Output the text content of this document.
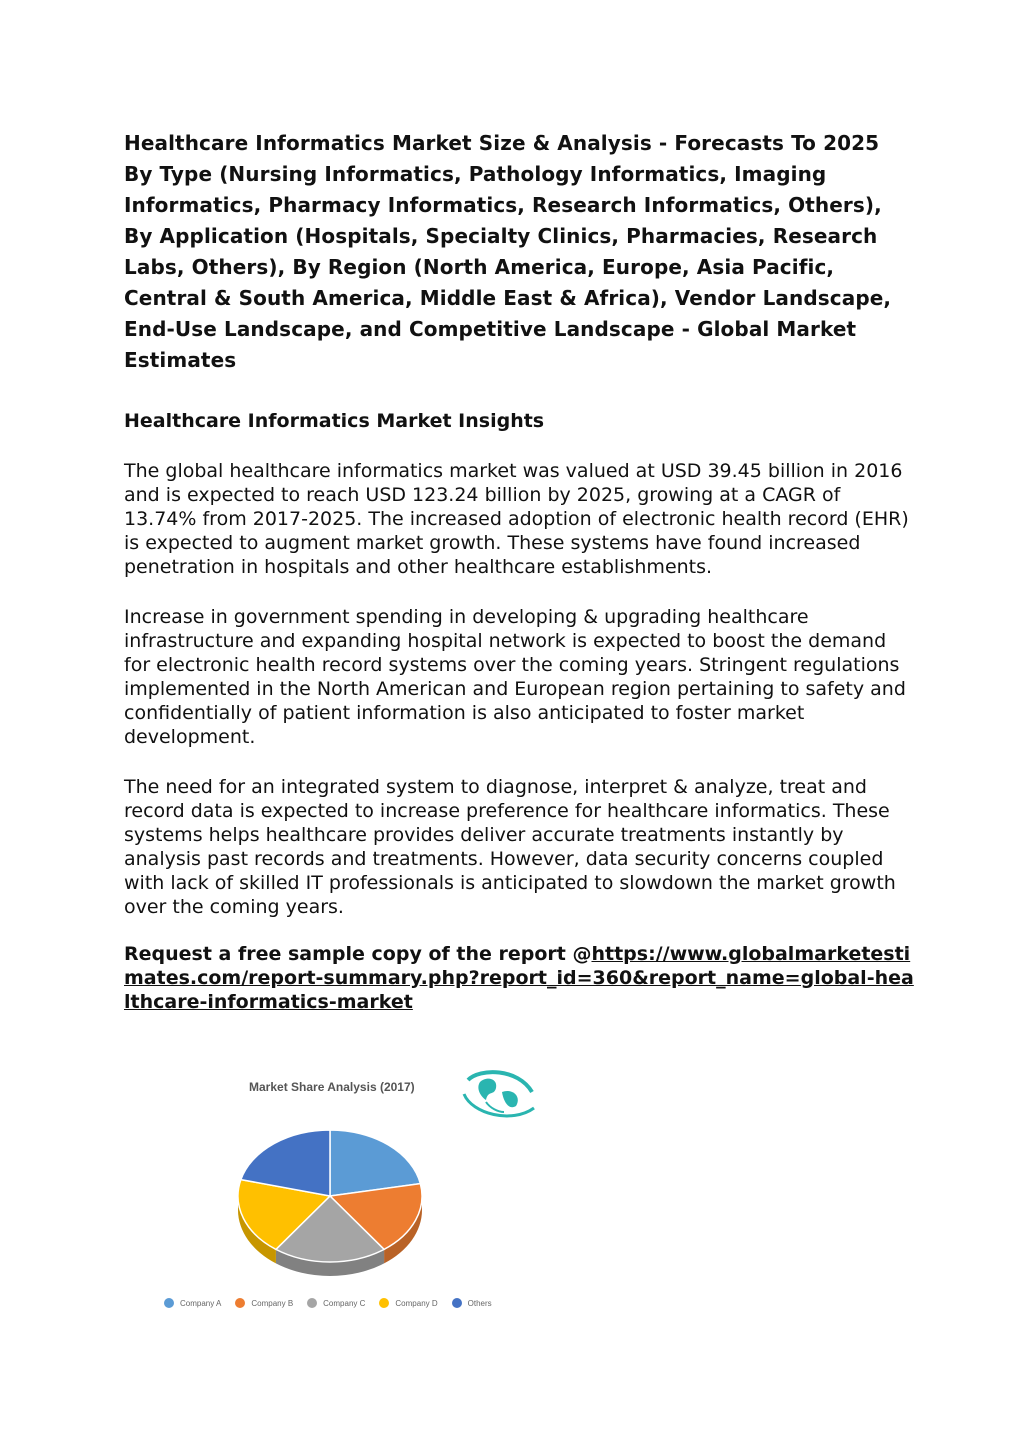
Healthcare Informatics Market Size & Analysis - Forecasts To 2025 By Type (Nursing Informatics, Pathology Informatics, Imaging Informatics, Pharmacy Informatics, Research Informatics, Others), By Application (Hospitals, Specialty Clinics, Pharmacies, Research Labs, Others), By Region (North America, Europe, Asia Pacific, Central & South America, Middle East & Africa), Vendor Landscape, End-Use Landscape, and Competitive Landscape - Global Market Estimates
Healthcare Informatics Market Insights

The global healthcare informatics market was valued at USD 39.45 billion in 2016 and is expected to reach USD 123.24 billion by 2025, growing at a CAGR of 13.74% from 2017-2025. The increased adoption of electronic health record (EHR) is expected to augment market growth. These systems have found increased penetration in hospitals and other healthcare establishments.

Increase in government spending in developing & upgrading healthcare infrastructure and expanding hospital network is expected to boost the demand for electronic health record systems over the coming years. Stringent regulations implemented in the North American and European region pertaining to safety and confidentially of patient information is also anticipated to foster market development.

The need for an integrated system to diagnose, interpret & analyze, treat and record data is expected to increase preference for healthcare informatics. These systems helps healthcare provides deliver accurate treatments instantly by analysis past records and treatments. However, data security concerns coupled with lack of skilled IT professionals is anticipated to slowdown the market growth over the coming years.

Request a free sample copy of the report @https://www.globalmarketestimates.com/report-summary.php?report_id=360&report_name=global-healthcare-informatics-market

Market Share Analysis (2017)
Company A	Company B	Company C	Company D	Others
